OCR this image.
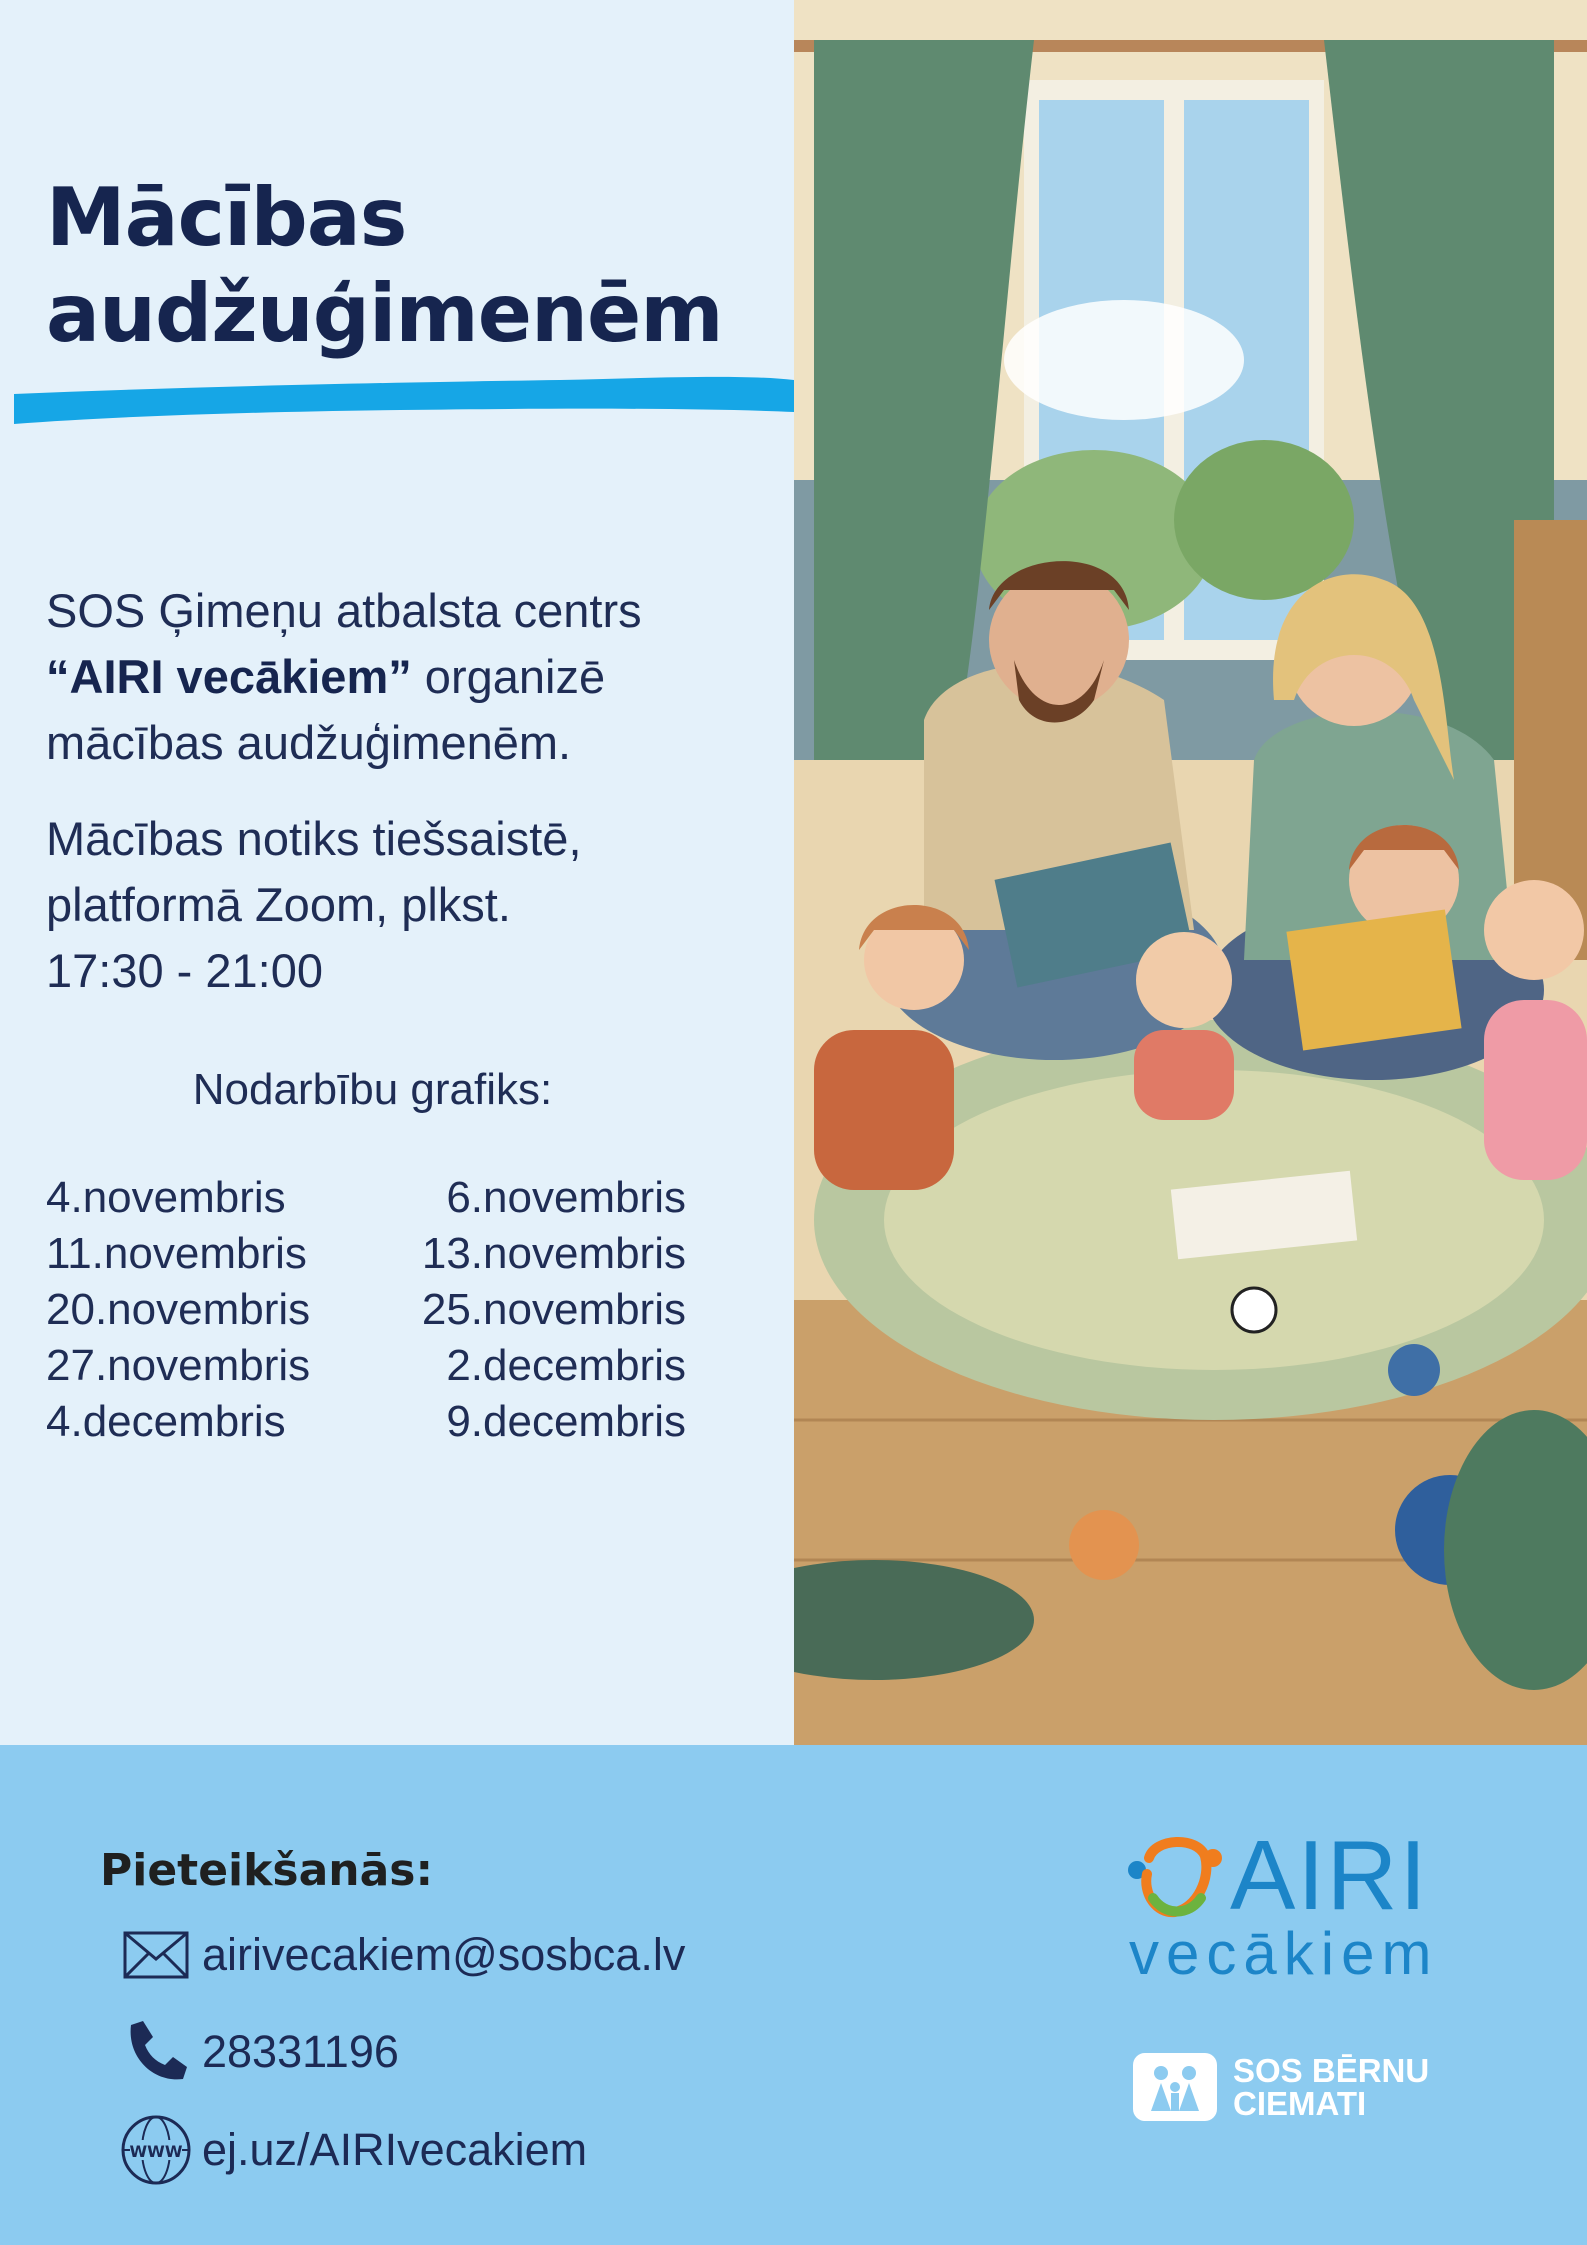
Mācības
audžuģimenēm
SOS Ģimeņu atbalsta centrs
“AIRI vecākiem” organizē
mācības audžuģimenēm.
Mācības notiks tiešsaistē,
platformā Zoom, plkst.
17:30 - 21:00
Nodarbību grafiks:
4.novembris	6.novembris
11.novembris	13.novembris
20.novembris	25.novembris
27.novembris	2.decembris
4.decembris	9.decembris
Pieteikšanās:
airivecakiem@sosbca.lv
28331196
WWW ej.uz/AIRIvecakiem
AIRI
vecākiem
SOS BĒRNU
CIEMATI
